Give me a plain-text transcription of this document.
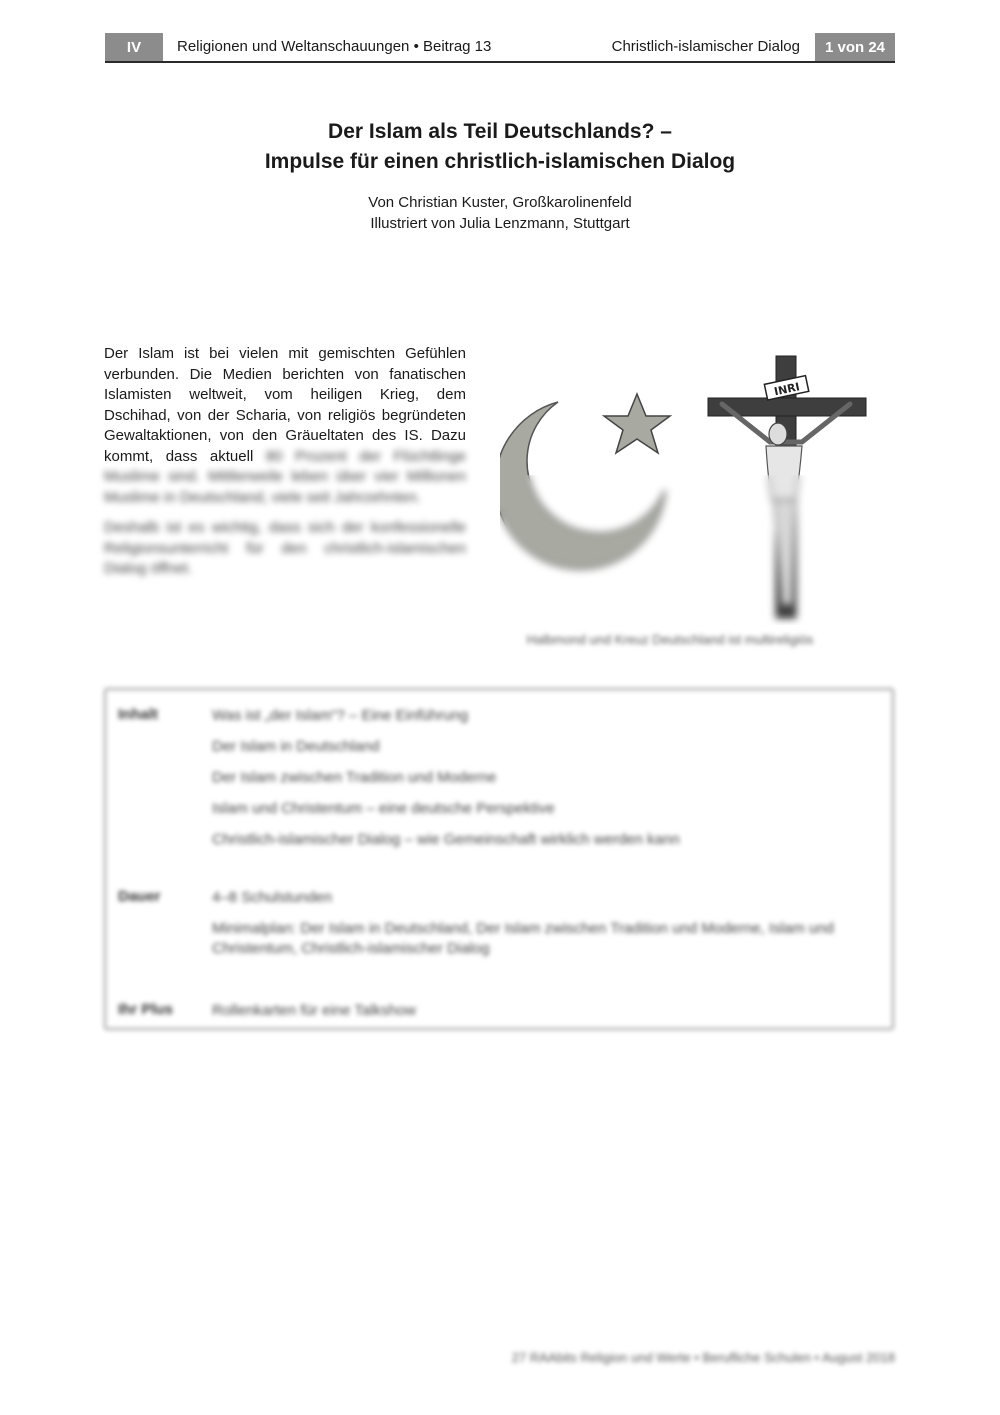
IV	Religionen und Weltanschauungen • Beitrag 13	Christlich-islamischer Dialog	1 von 24
Der Islam als Teil Deutschlands? –
Impulse für einen christlich-islamischen Dialog
Von Christian Kuster, Großkarolinenfeld
Illustriert von Julia Lenzmann, Stuttgart

Der Islam ist bei vielen mit gemischten Gefühlen verbunden. Die Medien berichten von fanatischen Islamisten weltweit, vom heiligen Krieg, dem Dschihad, von der Scharia, von religiös begründeten Gewaltaktionen, von den Gräueltaten des IS. Dazu kommt, dass aktuell 80 Prozent der Flüchtlinge Muslime sind. Mittlerweile leben über vier Millionen Muslime in Deutschland, viele seit Jahrzehnten.

Deshalb ist es wichtig, dass sich der konfessionelle Religionsunterricht für den christlich-islamischen Dialog öffnet.

INRI
Halbmond und Kreuz Deutschland ist multireligiös
Inhalt	Was ist „der Islam“? – Eine Einführung
Der Islam in Deutschland
Der Islam zwischen Tradition und Moderne
Islam und Christentum – eine deutsche Perspektive
Christlich-islamischer Dialog – wie Gemeinschaft wirklich werden kann
Dauer	4–8 Schulstunden
Minimalplan: Der Islam in Deutschland, Der Islam zwischen Tradition und Moderne, Islam und Christentum, Christlich-islamischer Dialog
Ihr Plus	Rollenkarten für eine Talkshow
27 RAAbits Religion und Werte • Berufliche Schulen • August 2018
